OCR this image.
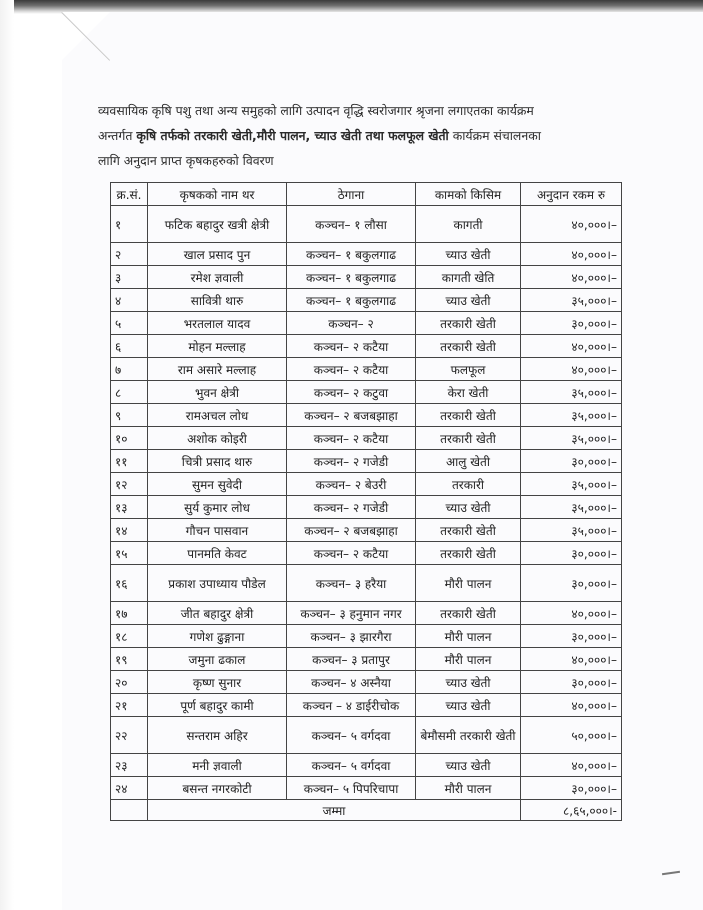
व्यवसायिक कृषि पशु तथा अन्य समुहको लागि उत्पादन वृद्धि स्वरोजगार श्रृजना लगाएतका कार्यक्रम
अन्तर्गत कृषि तर्फको तरकारी खेती,मौरी पालन, च्याउ खेती तथा फलफूल खेती कार्यक्रम संचालनका
लागि अनुदान प्राप्त कृषकहरुको विवरण
क्र.सं.	कृषकको नाम थर	ठेगाना	कामको किसिम	अनुदान रकम रु
१	फटिक बहादुर खत्री क्षेत्री	कञ्चन– १ लौसा	कागती	४०,०००।–
२	खाल प्रसाद पुन	कञ्चन– १ बकुलगाढ	च्याउ खेती	४०,०००।–
३	रमेश ज्ञवाली	कञ्चन– १ बकुलगाढ	कागती खेति	४०,०००।–
४	सावित्री थारु	कञ्चन– १ बकुलगाढ	च्याउ खेती	३५,०००।–
५	भरतलाल यादव	कञ्चन– २	तरकारी खेती	३०,०००।–
६	मोहन मल्लाह	कञ्चन– २ कटैया	तरकारी खेती	४०,०००।–
७	राम असारे मल्लाह	कञ्चन– २ कटैया	फलफूल	४०,०००।–
८	भुवन क्षेत्री	कञ्चन– २ कटुवा	केरा खेती	३५,०००।–
९	रामअचल लोध	कञ्चन– २ बजबझाहा	तरकारी खेती	३५,०००।–
१०	अशोक कोइरी	कञ्चन– २ कटैया	तरकारी खेती	३५,०००।–
११	चित्री प्रसाद थारु	कञ्चन– २ गजेडी	आलु खेती	३०,०००।–
१२	सुमन सुवेदी	कञ्चन– २ बेउरी	तरकारी	३५,०००।–
१३	सुर्य कुमार लोध	कञ्चन– २ गजेडी	च्याउ खेती	३५,०००।–
१४	गौचन पासवान	कञ्चन– २ बजबझाहा	तरकारी खेती	३५,०००।–
१५	पानमति केवट	कञ्चन– २ कटैया	तरकारी खेती	३०,०००।–
१६	प्रकाश उपाध्याय पौडेल	कञ्चन– ३ हरैया	मौरी पालन	३०,०००।–
१७	जीत बहादुर क्षेत्री	कञ्चन– ३ हनुमान नगर	तरकारी खेती	४०,०००।–
१८	गणेश ढुङ्गाना	कञ्चन– ३ झारगैरा	मौरी पालन	३०,०००।–
१९	जमुना ढकाल	कञ्चन– ३ प्रतापुर	मौरी पालन	४०,०००।–
२०	कृष्ण सुनार	कञ्चन– ४ अस्नैया	च्याउ खेती	३०,०००।–
२१	पूर्ण बहादुर कामी	कञ्चन – ४ डाईरीचोक	च्याउ खेती	४०,०००।–
२२	सन्तराम अहिर	कञ्चन– ५ वर्गदवा	बेमौसमी तरकारी खेती	५०,०००।–
२३	मनी ज्ञवाली	कञ्चन– ५ वर्गदवा	च्याउ खेती	४०,०००।–
२४	बसन्त नगरकोटी	कञ्चन– ५ पिपरिचापा	मौरी पालन	३०,०००।–
	जम्मा			८,६५,०००।-
